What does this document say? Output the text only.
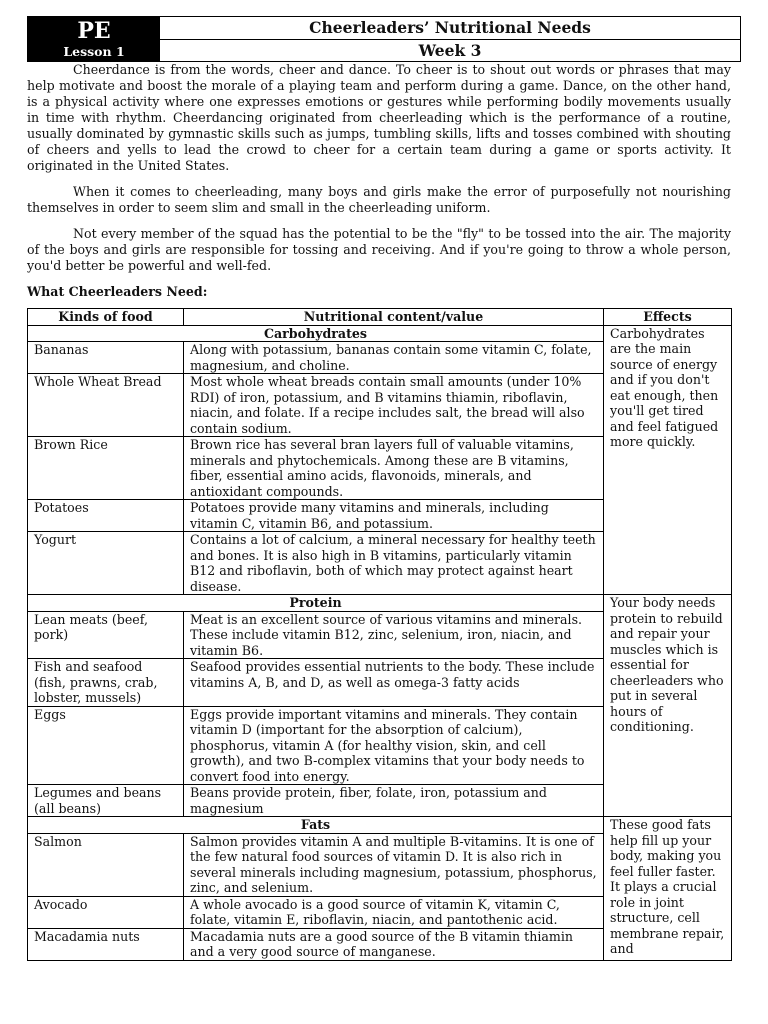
PE
Lesson 1
Cheerleaders’ Nutritional Needs
Week 3

Cheerdance is from the words, cheer and dance. To cheer is to shout out words or phrases that may help motivate and boost the morale of a playing team and perform during a game. Dance, on the other hand, is a physical activity where one expresses emotions or gestures while performing bodily movements usually in time with rhythm. Cheerdancing originated from cheerleading which is the performance of a routine, usually dominated by gymnastic skills such as jumps, tumbling skills, lifts and tosses combined with shouting of cheers and yells to lead the crowd to cheer for a certain team during a game or sports activity. It originated in the United States.

When it comes to cheerleading, many boys and girls make the error of purposefully not nourishing themselves in order to seem slim and small in the cheerleading uniform.

Not every member of the squad has the potential to be the "fly" to be tossed into the air. The majority of the boys and girls are responsible for tossing and receiving. And if you're going to throw a whole person, you'd better be powerful and well-fed.

What Cheerleaders Need:
Kinds of food	Nutritional content/value	Effects
Carbohydrates		Carbohydrates are the main source of energy and if you don't eat enough, then you'll get tired and feel fatigued more quickly.
Bananas	Along with potassium, bananas contain some vitamin C, folate, magnesium, and choline.	
Whole Wheat Bread	Most whole wheat breads contain small amounts (under 10% RDI) of iron, potassium, and B vitamins thiamin, riboflavin, niacin, and folate. If a recipe includes salt, the bread will also contain sodium.	
Brown Rice	Brown rice has several bran layers full of valuable vitamins, minerals and phytochemicals. Among these are B vitamins, fiber, essential amino acids, flavonoids, minerals, and antioxidant compounds.	
Potatoes	Potatoes provide many vitamins and minerals, including vitamin C, vitamin B6, and potassium.	
Yogurt	Contains a lot of calcium, a mineral necessary for healthy teeth and bones. It is also high in B vitamins, particularly vitamin B12 and riboflavin, both of which may protect against heart disease.	
Protein		Your body needs protein to rebuild and repair your muscles which is essential for cheerleaders who put in several hours of conditioning.
Lean meats (beef, pork)	Meat is an excellent source of various vitamins and minerals. These include vitamin B12, zinc, selenium, iron, niacin, and vitamin B6.	
Fish and seafood (fish, prawns, crab, lobster, mussels)	Seafood provides essential nutrients to the body. These include vitamins A, B, and D, as well as omega-3 fatty acids	
Eggs	Eggs provide important vitamins and minerals. They contain vitamin D (important for the absorption of calcium), phosphorus, vitamin A (for healthy vision, skin, and cell growth), and two B-complex vitamins that your body needs to convert food into energy.	
Legumes and beans (all beans)	Beans provide protein, fiber, folate, iron, potassium and magnesium	
Fats		These good fats help fill up your body, making you feel fuller faster. It plays a crucial role in joint structure, cell membrane repair, and
Salmon	Salmon provides vitamin A and multiple B-vitamins. It is one of the few natural food sources of vitamin D. It is also rich in several minerals including magnesium, potassium, phosphorus, zinc, and selenium.	
Avocado	A whole avocado is a good source of vitamin K, vitamin C, folate, vitamin E, riboflavin, niacin, and pantothenic acid.	
Macadamia nuts	Macadamia nuts are a good source of the B vitamin thiamin and a very good source of manganese.	
